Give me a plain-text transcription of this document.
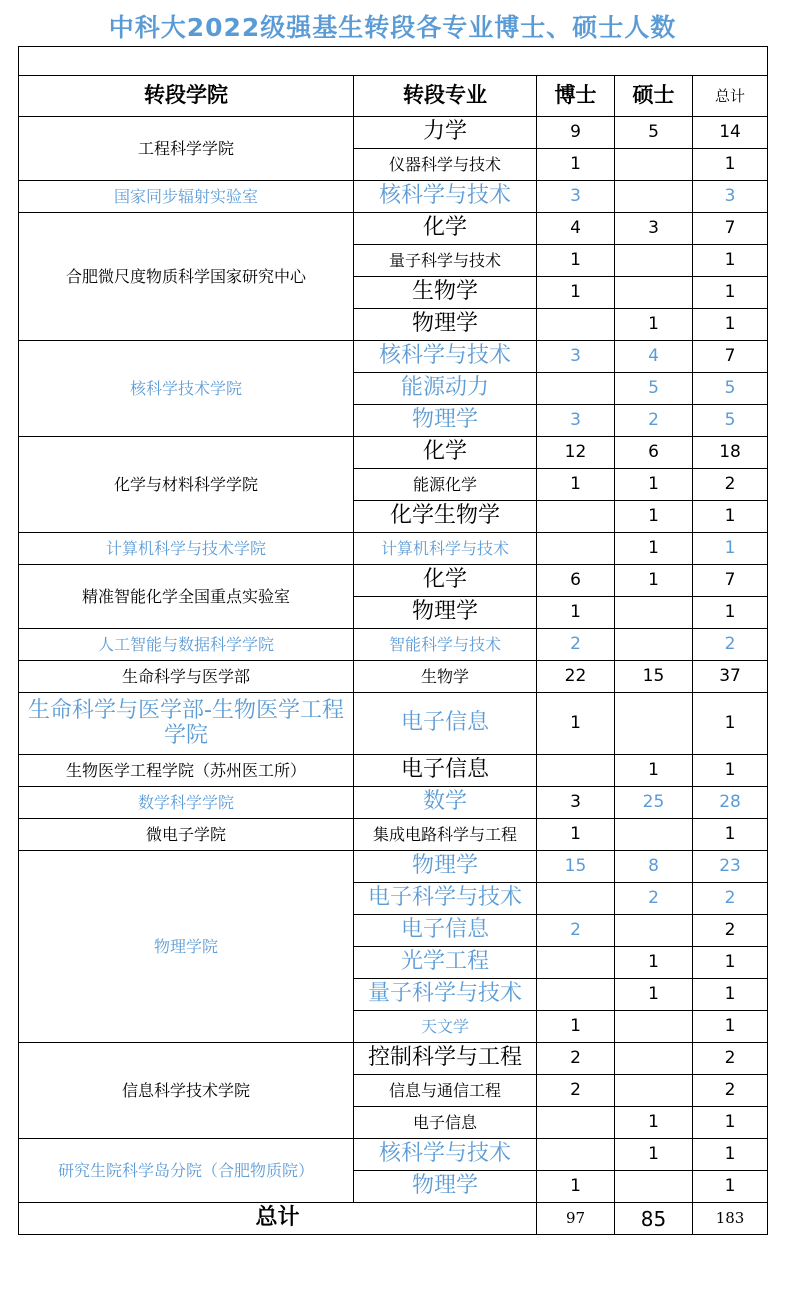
中科大2022级强基生转段各专业博士、硕士人数

转段学院	转段专业	博士	硕士	总计
工程科学学院	力学	9	5	14
	仪器科学与技术	1		1
国家同步辐射实验室	核科学与技术	3		3
合肥微尺度物质科学国家研究中心	化学	4	3	7
	量子科学与技术	1		1
	生物学	1		1
	物理学		1	1
核科学技术学院	核科学与技术	3	4	7
	能源动力		5	5
	物理学	3	2	5
化学与材料科学学院	化学	12	6	18
	能源化学	1	1	2
	化学生物学		1	1
计算机科学与技术学院	计算机科学与技术		1	1
精准智能化学全国重点实验室	化学	6	1	7
	物理学	1		1
人工智能与数据科学学院	智能科学与技术	2		2
生命科学与医学部	生物学	22	15	37
生命科学与医学部-生物医学工程学院	电子信息	1		1
生物医学工程学院（苏州医工所）	电子信息		1	1
数学科学学院	数学	3	25	28
微电子学院	集成电路科学与工程	1		1
物理学院	物理学	15	8	23
	电子科学与技术		2	2
	电子信息	2		2
	光学工程		1	1
	量子科学与技术		1	1
	天文学	1		1
信息科学技术学院	控制科学与工程	2		2
	信息与通信工程	2		2
	电子信息		1	1
研究生院科学岛分院（合肥物质院）	核科学与技术		1	1
	物理学	1		1
总计		97	85	183
